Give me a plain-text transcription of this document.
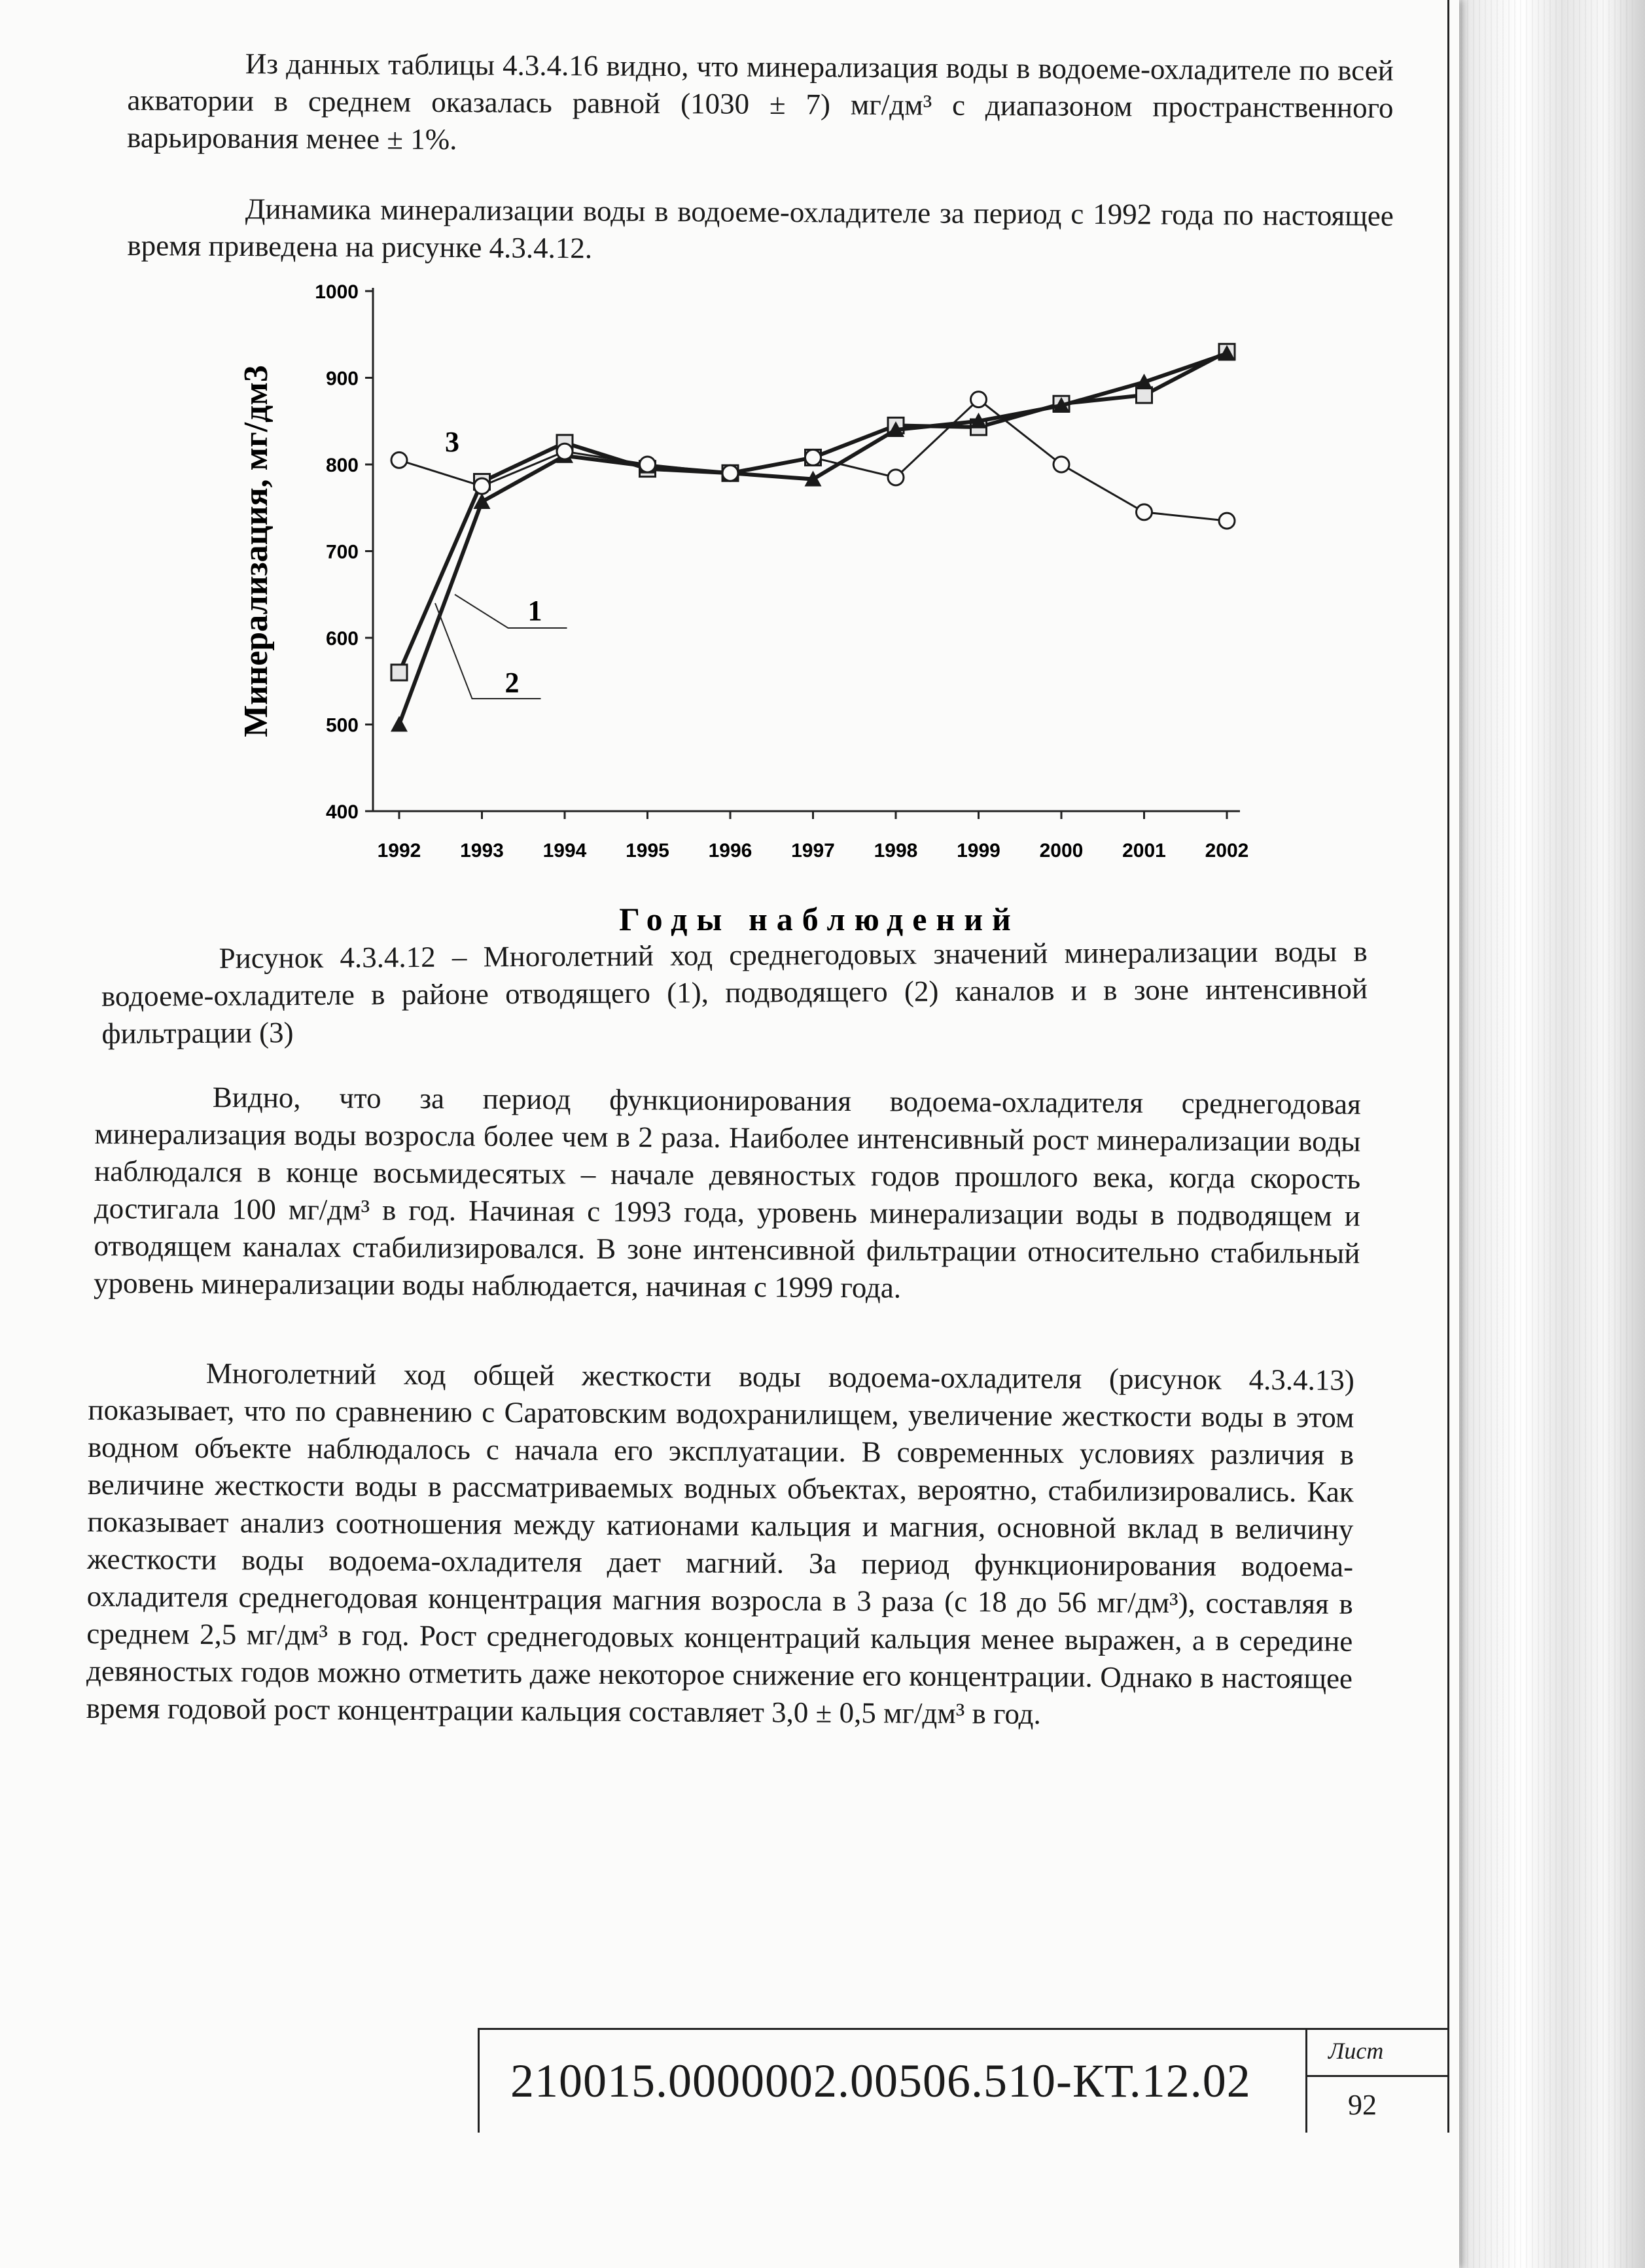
Из данных таблицы 4.3.4.16 видно, что минерализация воды в водоеме-охладителе по всей акватории в среднем оказалась равной (1030 ± 7) мг/дм³ с диапазоном пространственного варьирования менее ± 1%.

Динамика минерализации воды в водоеме-охладителе за период с 1992 года по настоящее время приведена на рисунке 4.3.4.12.

400
500
600
700
800
900
1000
1992 1993 1994 1995 1996 1997 1998 1999 2000 2001 2002
Минерализация, мг/дм3
Годы наблюдений
1
2
3

Рисунок 4.3.4.12 – Многолетний ход среднегодовых значений минерализации воды в водоеме-охладителе в районе отводящего (1), подводящего (2) каналов и в зоне интенсивной фильтрации (3)

Видно, что за период функционирования водоема-охладителя среднегодовая минерализация воды возросла более чем в 2 раза. Наиболее интенсивный рост минерализации воды наблюдался в конце восьмидесятых – начале девяностых годов прошлого века, когда скорость достигала 100 мг/дм³ в год. Начиная с 1993 года, уровень минерализации воды в подводящем и отводящем каналах стабилизировался. В зоне интенсивной фильтрации относительно стабильный уровень минерализации воды наблюдается, начиная с 1999 года.

Многолетний ход общей жесткости воды водоема-охладителя (рисунок 4.3.4.13) показывает, что по сравнению с Саратовским водохранилищем, увеличение жесткости воды в этом водном объекте наблюдалось с начала его эксплуатации. В современных условиях различия в величине жесткости воды в рассматриваемых водных объектах, вероятно, стабилизировались. Как показывает анализ соотношения между катионами кальция и магния, основной вклад в величину жесткости воды водоема-охладителя дает магний. За период функционирования водоема-охладителя среднегодовая концентрация магния возросла в 3 раза (с 18 до 56 мг/дм³), составляя в среднем 2,5 мг/дм³ в год. Рост среднегодовых концентраций кальция менее выражен, а в середине девяностых годов можно отметить даже некоторое снижение его концентрации. Однако в настоящее время годовой рост концентрации кальция составляет 3,0 ± 0,5 мг/дм³ в год.

210015.0000002.00506.510-КТ.12.02
Лист
92
